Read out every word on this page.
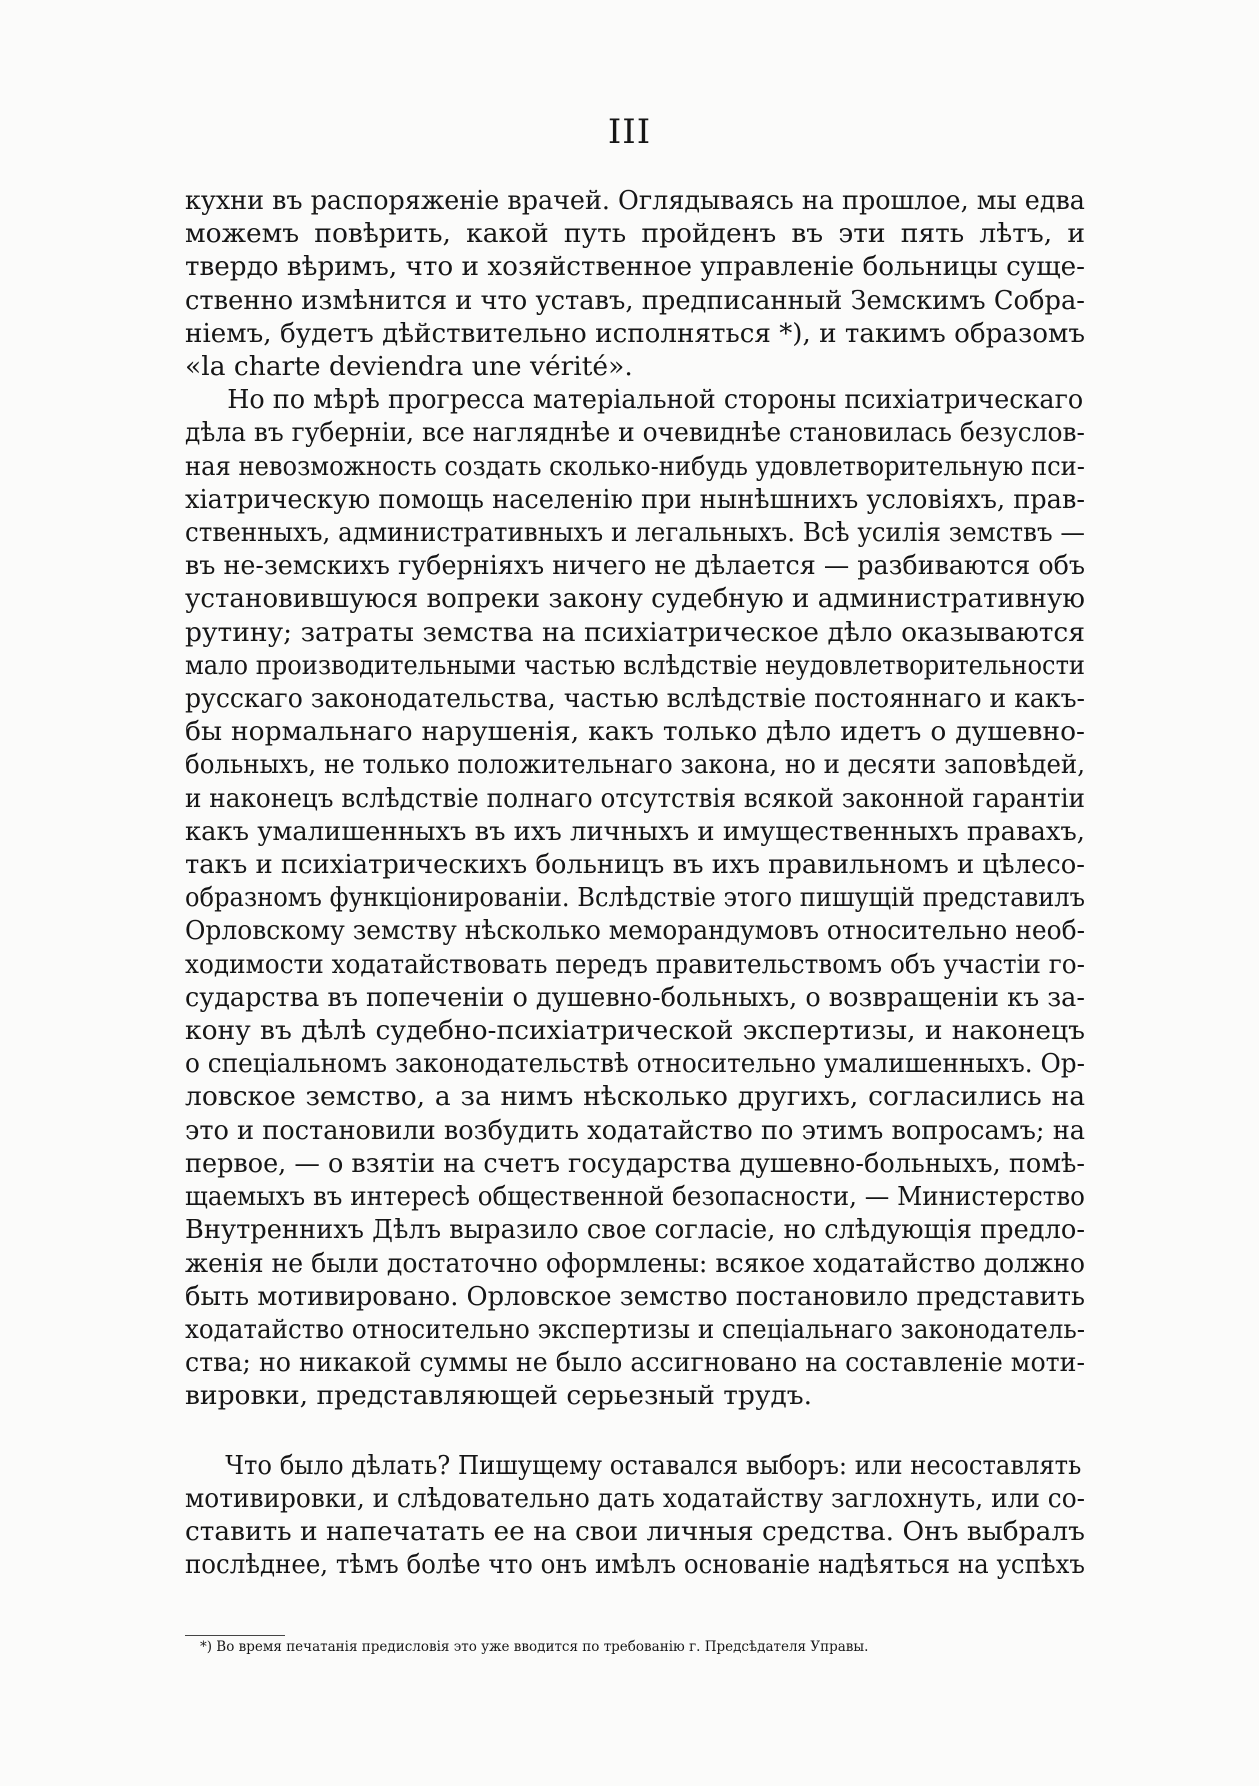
III
кухни въ распоряженіе врачей. Оглядываясь на прошлое, мы едва
можемъ повѣрить, какой путь пройденъ въ эти пять лѣтъ, и
твердо вѣримъ, что и хозяйственное управленіе больницы суще-
ственно измѣнится и что уставъ, предписанный Земскимъ Собра-
ніемъ, будетъ дѣйствительно исполняться *), и такимъ образомъ
«la charte deviendra une vérité».
Но по мѣрѣ прогресса матеріальной стороны психіатрическаго
дѣла въ губерніи, все нагляднѣе и очевиднѣе становилась безуслов-
ная невозможность создать сколько-нибудь удовлетворительную пси-
хіатрическую помощь населенію при нынѣшнихъ условіяхъ, прав-
ственныхъ, административныхъ и легальныхъ. Всѣ усилія земствъ —
въ не-земскихъ губерніяхъ ничего не дѣлается — разбиваются объ
установившуюся вопреки закону судебную и административную
рутину; затраты земства на психіатрическое дѣло оказываются
мало производительными частью вслѣдствіе неудовлетворительности
русскаго законодательства, частью вслѣдствіе постояннаго и какъ-
бы нормальнаго нарушенія, какъ только дѣло идетъ о душевно-
больныхъ, не только положительнаго закона, но и десяти заповѣдей,
и наконецъ вслѣдствіе полнаго отсутствія всякой законной гарантіи
какъ умалишенныхъ въ ихъ личныхъ и имущественныхъ правахъ,
такъ и психіатрическихъ больницъ въ ихъ правильномъ и цѣлесо-
образномъ функціонированіи. Вслѣдствіе этого пишущій представилъ
Орловскому земству нѣсколько меморандумовъ относительно необ-
ходимости ходатайствовать передъ правительствомъ объ участіи го-
сударства въ попеченіи о душевно-больныхъ, о возвращеніи къ за-
кону въ дѣлѣ судебно-психіатрической экспертизы, и наконецъ
о спеціальномъ законодательствѣ относительно умалишенныхъ. Ор-
ловское земство, а за нимъ нѣсколько другихъ, согласились на
это и постановили возбудить ходатайство по этимъ вопросамъ; на
первое, — о взятіи на счетъ государства душевно-больныхъ, помѣ-
щаемыхъ въ интересѣ общественной безопасности, — Министерство
Внутреннихъ Дѣлъ выразило свое согласіе, но слѣдующія предло-
женія не были достаточно оформлены: всякое ходатайство должно
быть мотивировано. Орловское земство постановило представить
ходатайство относительно экспертизы и спеціальнаго законодатель-
ства; но никакой суммы не было ассигновано на составленіе моти-
вировки, представляющей серьезный трудъ.
Что было дѣлать? Пишущему оставался выборъ: или несоставлять
мотивировки, и слѣдовательно дать ходатайству заглохнуть, или со-
ставить и напечатать ее на свои личныя средства. Онъ выбралъ
послѣднее, тѣмъ болѣе что онъ имѣлъ основаніе надѣяться на успѣхъ
*) Во время печатанія предисловія это уже вводится по требованію г. Предсѣдателя Управы.
